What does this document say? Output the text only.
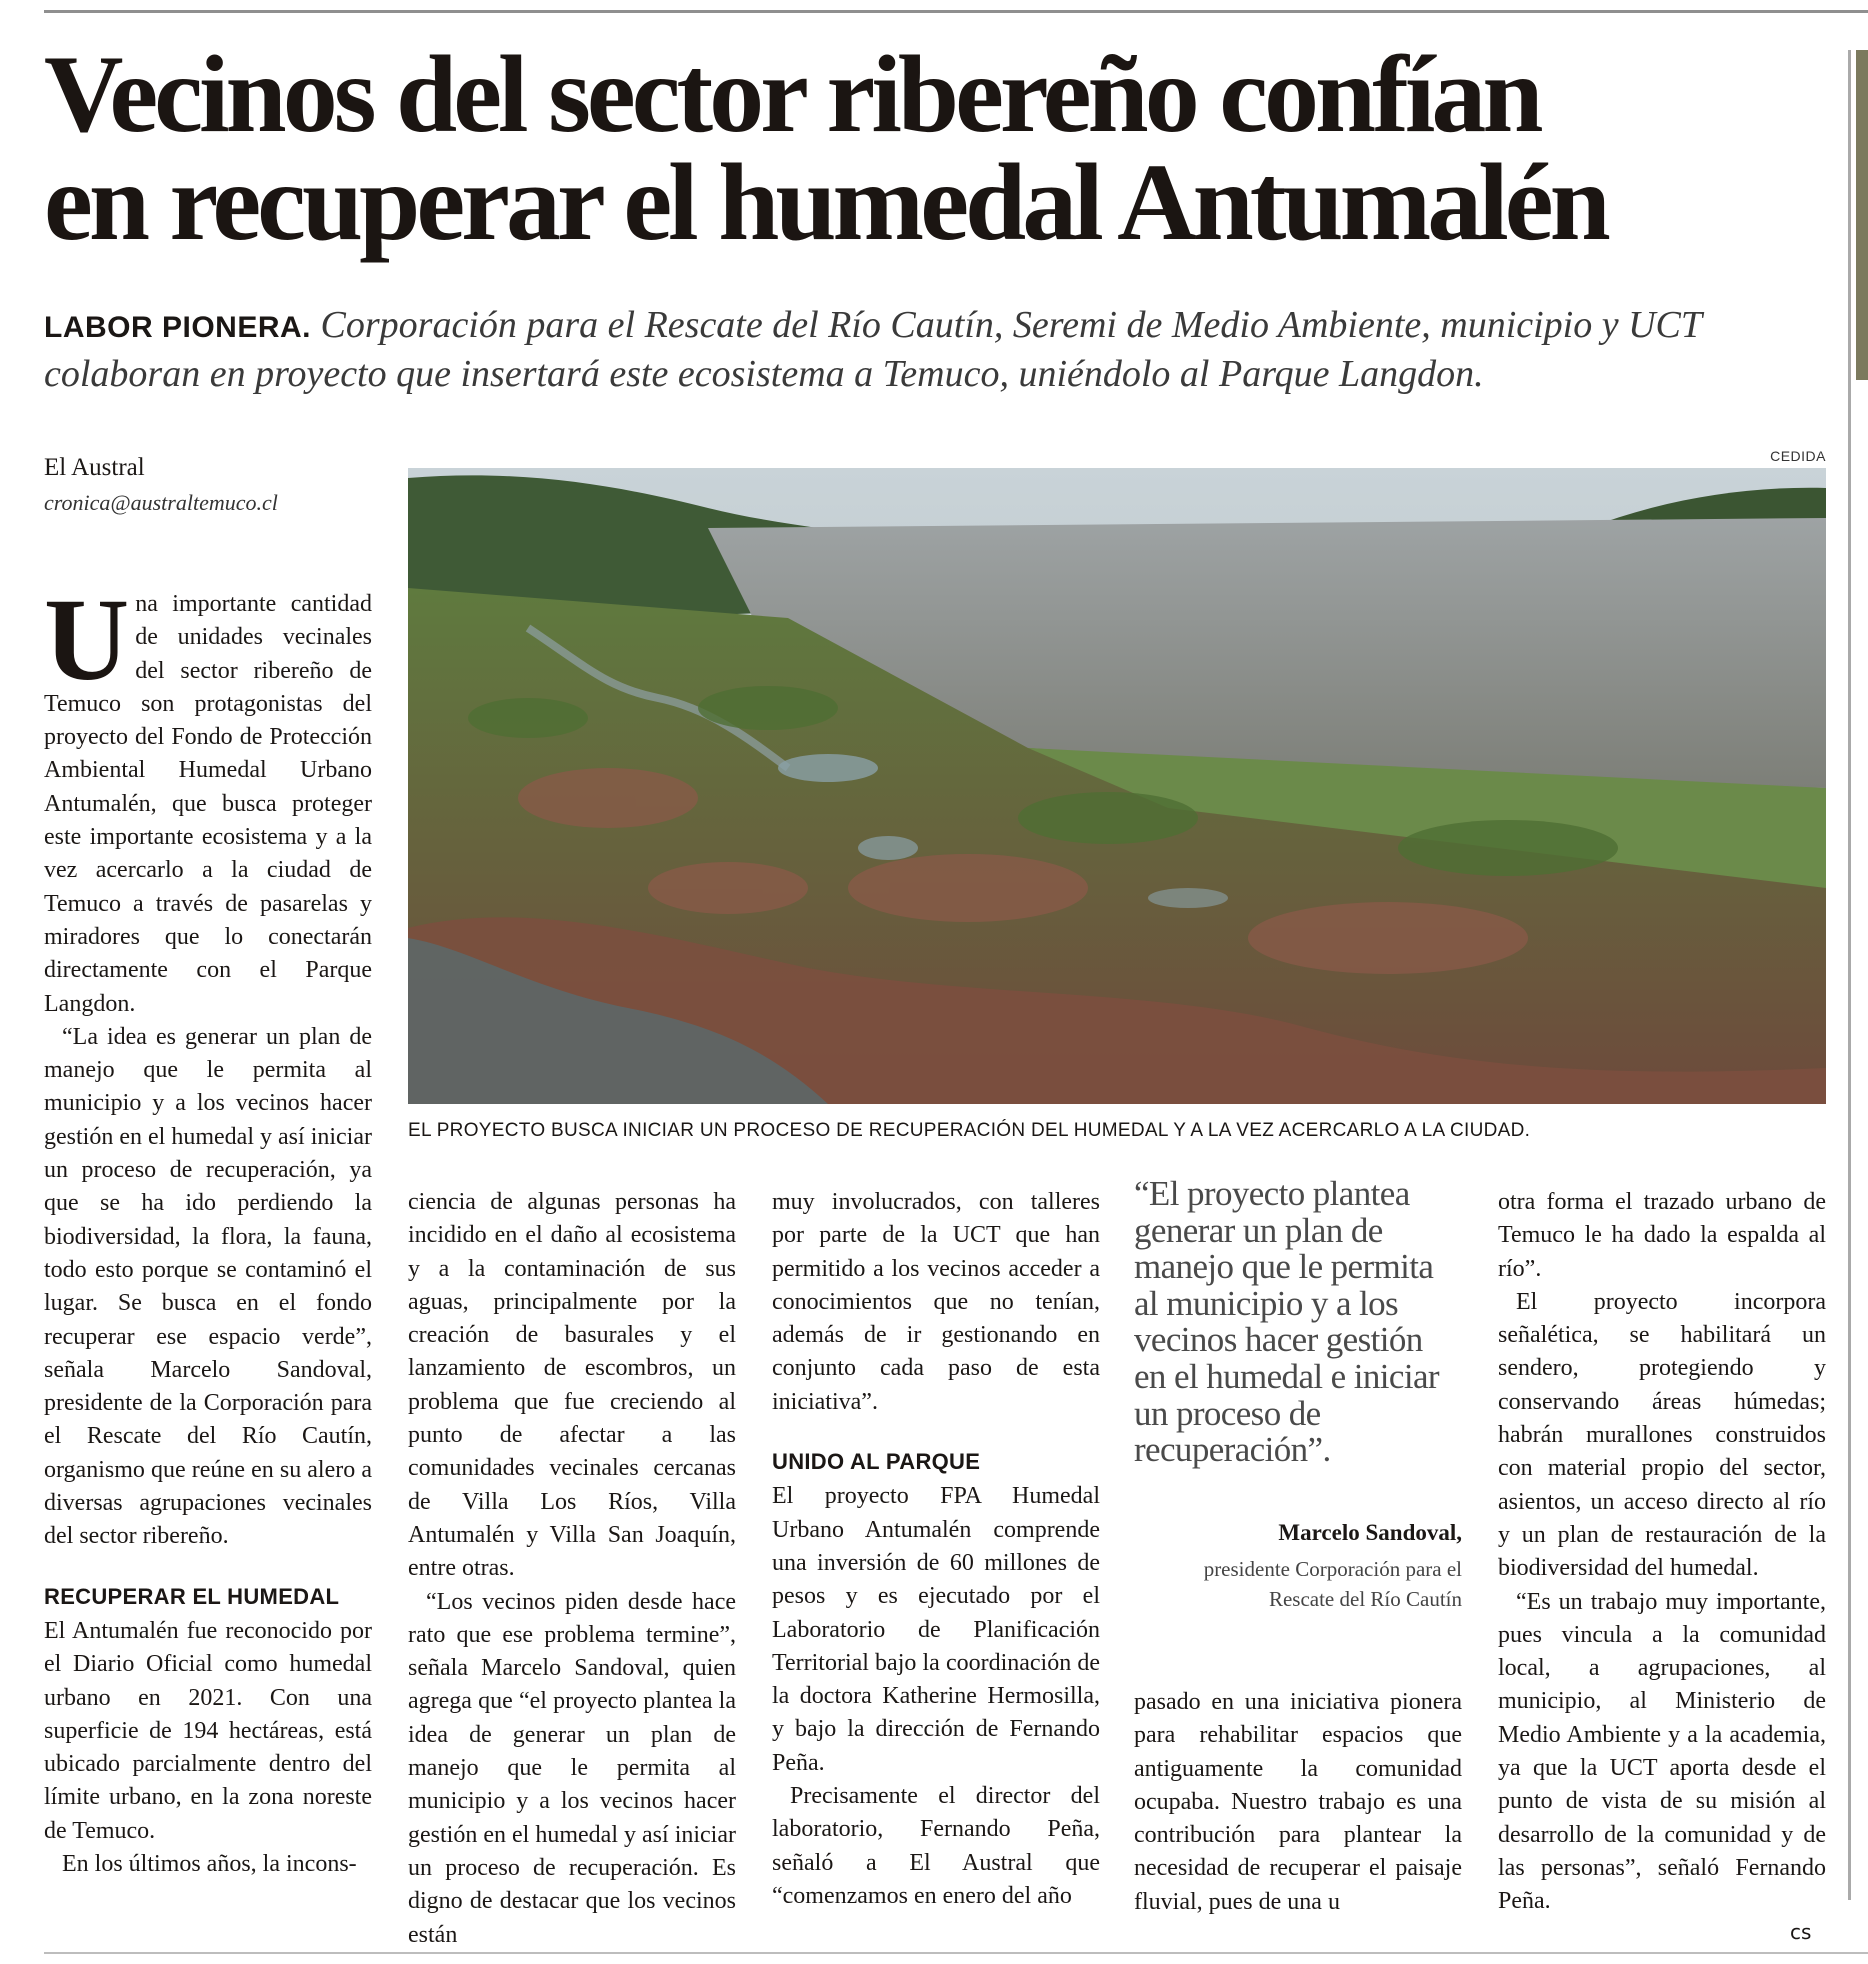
Vecinos del sector ribereño confían
en recuperar el humedal Antumalén

LABOR PIONERA. Corporación para el Rescate del Río Cautín, Seremi de Medio Ambiente, municipio y UCT colaboran en proyecto que insertará este ecosistema a Temuco, uniéndolo al Parque Langdon.

El Austral
cronica@australtemuco.cl
CEDIDA
EL PROYECTO BUSCA INICIAR UN PROCESO DE RECUPERACIÓN DEL HUMEDAL Y A LA VEZ ACERCARLO A LA CIUDAD.
U na importante cantidad de unidades vecinales del sector ribereño de Temuco son protagonistas del proyecto del Fondo de Protección Ambiental Humedal Urbano Antumalén, que busca proteger este importante ecosistema y a la vez acercarlo a la ciudad de Temuco a través de pasarelas y miradores que lo conectarán directamente con el Parque Langdon.

“La idea es generar un plan de manejo que le permita al municipio y a los vecinos hacer gestión en el humedal y así iniciar un proceso de recuperación, ya que se ha ido perdiendo la biodiversidad, la flora, la fauna, todo esto porque se contaminó el lugar. Se busca en el fondo recuperar ese espacio verde”, señala Marcelo Sandoval, presidente de la Corporación para el Rescate del Río Cautín, organismo que reúne en su alero a diversas agrupaciones vecinales del sector ribereño.

RECUPERAR EL HUMEDAL

El Antumalén fue reconocido por el Diario Oficial como humedal urbano en 2021. Con una superficie de 194 hectáreas, está ubicado parcialmente dentro del límite urbano, en la zona noreste de Temuco.

En los últimos años, la incons-

ciencia de algunas personas ha incidido en el daño al ecosistema y a la contaminación de sus aguas, principalmente por la creación de basurales y el lanzamiento de escombros, un problema que fue creciendo al punto de afectar a las comunidades vecinales cercanas de Villa Los Ríos, Villa Antumalén y Villa San Joaquín, entre otras.

“Los vecinos piden desde hace rato que ese problema termine”, señala Marcelo Sandoval, quien agrega que “el proyecto plantea la idea de generar un plan de manejo que le permita al municipio y a los vecinos hacer gestión en el humedal y así iniciar un proceso de recuperación. Es digno de destacar que los vecinos están

muy involucrados, con talleres por parte de la UCT que han permitido a los vecinos acceder a conocimientos que no tenían, además de ir gestionando en conjunto cada paso de esta iniciativa”.

UNIDO AL PARQUE

El proyecto FPA Humedal Urbano Antumalén comprende una inversión de 60 millones de pesos y es ejecutado por el Laboratorio de Planificación Territorial bajo la coordinación de la doctora Katherine Hermosilla, y bajo la dirección de Fernando Peña.

Precisamente el director del laboratorio, Fernando Peña, señaló a El Austral que “comenzamos en enero del año

“El proyecto plantea generar un plan de manejo que le permita al municipio y a los vecinos hacer gestión en el humedal e iniciar un proceso de recuperación”.

Marcelo Sandoval,
presidente Corporación para el Rescate del Río Cautín

pasado en una iniciativa pionera para rehabilitar espacios que antiguamente la comunidad ocupaba. Nuestro trabajo es una contribución para plantear la necesidad de recuperar el paisaje fluvial, pues de una u

otra forma el trazado urbano de Temuco le ha dado la espalda al río”.

El proyecto incorpora señalética, se habilitará un sendero, protegiendo y conservando áreas húmedas; habrán murallones construidos con material propio del sector, asientos, un acceso directo al río y un plan de restauración de la biodiversidad del humedal.

“Es un trabajo muy importante, pues vincula a la comunidad local, a agrupaciones, al municipio, al Ministerio de Medio Ambiente y a la academia, ya que la UCT aporta desde el punto de vista de su misión al desarrollo de la comunidad y de las personas”, señaló Fernando Peña.

cs
